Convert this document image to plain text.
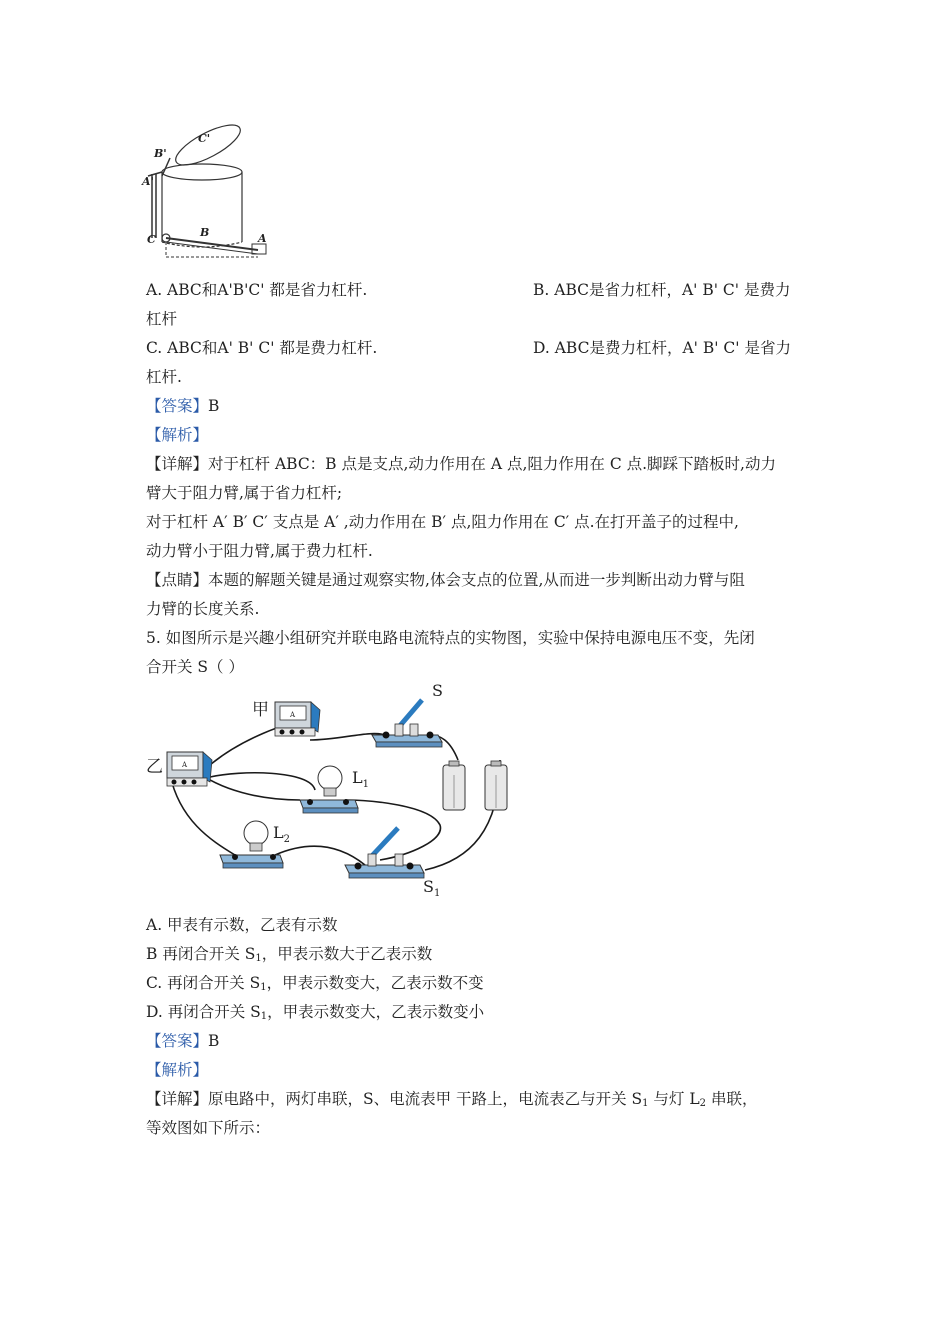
C'
B'
A'
C
B	A
A. ABC和A'B'C' 都是省力杠杆.	B. ABC是省力杠杆，A' B' C' 是费力
杠杆
C. ABC和A' B' C' 都是费力杠杆.	D. ABC是费力杠杆，A' B' C' 是省力
杠杆.
【答案】B
【解析】
【详解】对于杠杆 ABC：B 点是支点,动力作用在 A 点,阻力作用在 C 点.脚踩下踏板时,动力
臂大于阻力臂,属于省力杠杆;
对于杠杆 A′ B′ C′ 支点是 A′ ,动力作用在 B′ 点,阻力作用在 C′ 点.在打开盖子的过程中,
动力臂小于阻力臂,属于费力杠杆.
【点睛】本题的解题关键是通过观察实物,体会支点的位置,从而进一步判断出动力臂与阻
力臂的长度关系.
5. 如图所示是兴趣小组研究并联电路电流特点的实物图，实验中保持电源电压不变，先闭
合开关 S（ ）
A
甲
A
乙
S
$L_1$
$L_2$
$S_1$
A. 甲表有示数，乙表有示数
B 再闭合开关 $S_1$，甲表示数大于乙表示数
C. 再闭合开关 $S_1$，甲表示数变大，乙表示数不变
D. 再闭合开关 $S_1$，甲表示数变大，乙表示数变小
【答案】B
【解析】
【详解】原电路中，两灯串联，S、电流表甲 干路上，电流表乙与开关 $S_1$ 与灯 $L_2$ 串联，
等效图如下所示：
